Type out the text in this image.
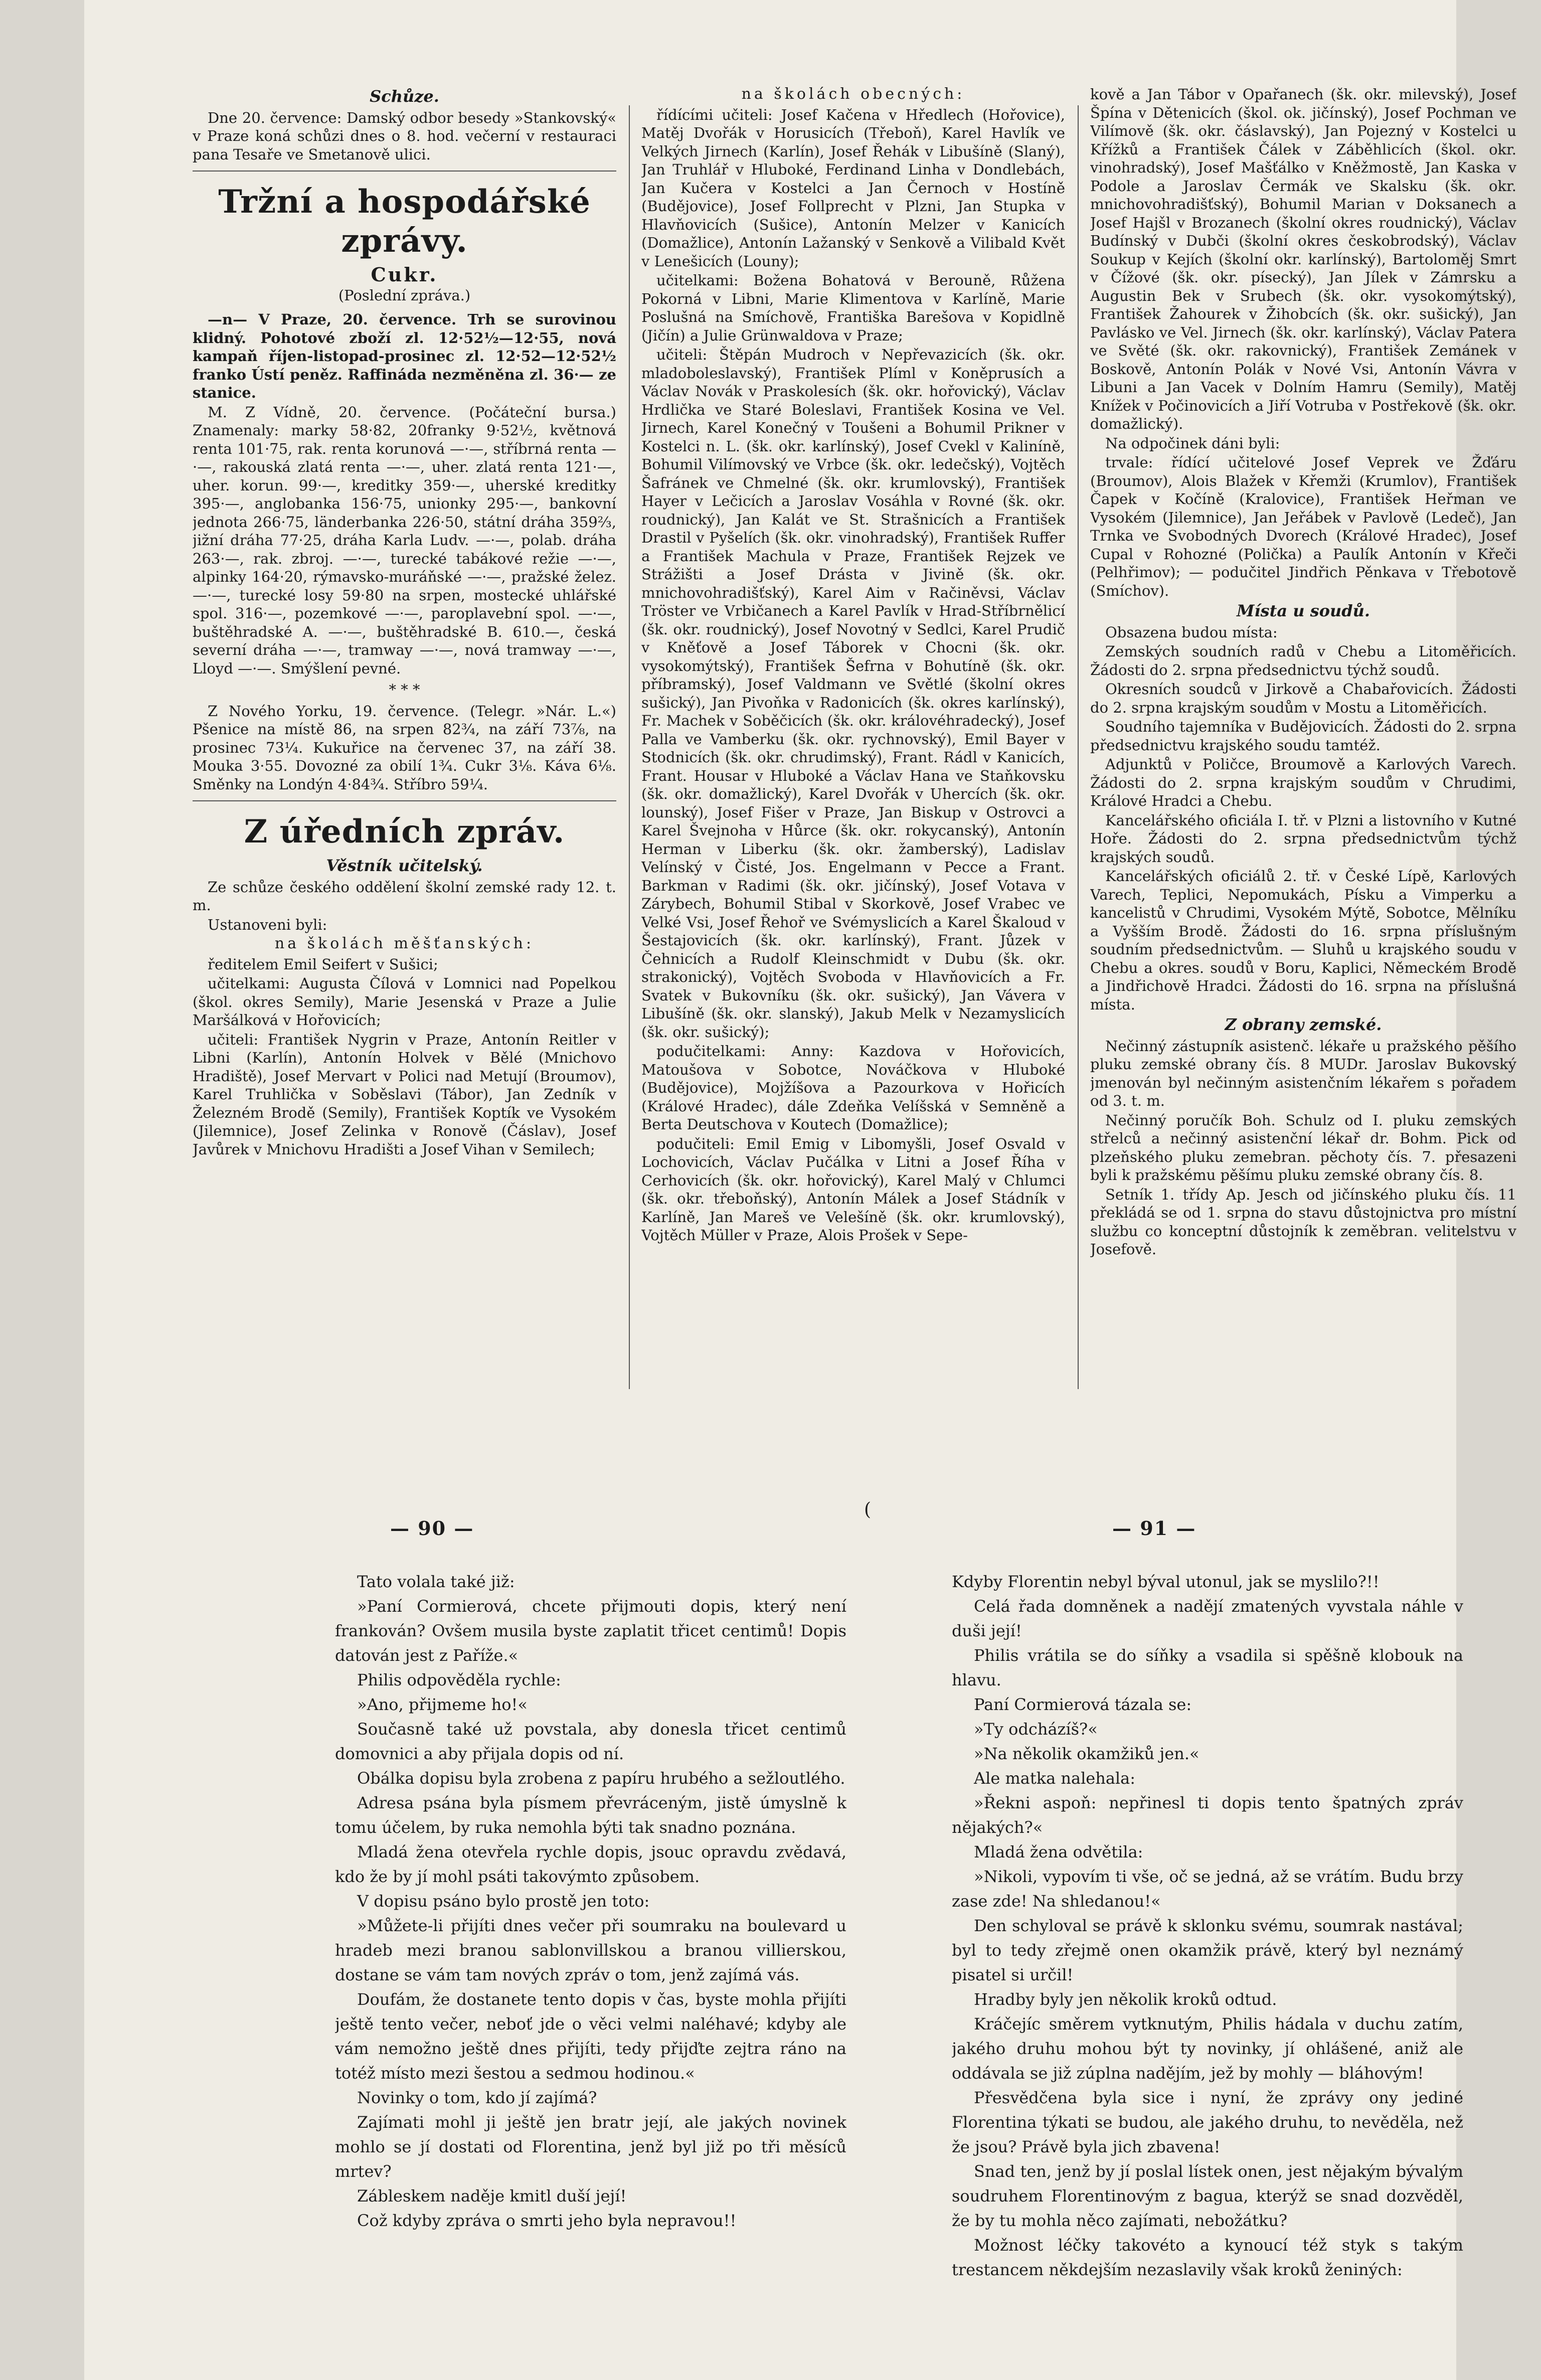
Schůze.

Dne 20. července: Damský odbor besedy »Stankovský« v Praze koná schůzi dnes o 8. hod. večerní v restauraci pana Tesaře ve Smetanově ulici.

Tržní a hospodářské zprávy.
Cukr.
(Poslední zpráva.)

—n— V Praze, 20. července. Trh se surovinou klidný. Pohotové zboží zl. 12·52½—12·55, nová kampaň říjen-listopad-prosinec zl. 12·52—12·52½ franko Ústí peněz. Raffináda nezměněna zl. 36·— ze stanice.

M. Z Vídně, 20. července. (Počáteční bursa.) Znamenaly: marky 58·82, 20franky 9·52½, květnová renta 101·75, rak. renta korunová —·—, stříbrná renta —·—, rakouská zlatá renta —·—, uher. zlatá renta 121·—, uher. korun. 99·—, kreditky 359·—, uherské kreditky 395·—, anglobanka 156·75, unionky 295·—, bankovní jednota 266·75, länderbanka 226·50, státní dráha 359⅔, jižní dráha 77·25, dráha Karla Ludv. —·—, polab. dráha 263·—, rak. zbroj. —·—, turecké tabákové režie —·—, alpinky 164·20, rýmavsko-muráňské —·—, pražské želez. —·—, turecké losy 59·80 na srpen, mostecké uhlářské spol. 316·—, pozemkové —·—, paroplavební spol. —·—, buštěhradské A. —·—, buštěhradské B. 610.—, česká severní dráha —·—, tramway —·—, nová tramway —·—, Lloyd —·—. Smýšlení pevné.

* * *

Z Nového Yorku, 19. července. (Telegr. »Nár. L.«) Pšenice na místě 86, na srpen 82¾, na září 73⅞, na prosinec 73¼. Kukuřice na červenec 37, na září 38. Mouka 3·55. Dovozné za obilí 1¾. Cukr 3⅛. Káva 6⅛. Směnky na Londýn 4·84¾. Stříbro 59¼.

Z úředních zpráv.
Věstník učitelský.

Ze schůze českého oddělení školní zemské rady 12. t. m.

Ustanoveni byli:

na školách měšťanských:

ředitelem Emil Seifert v Sušici;

učitelkami: Augusta Čílová v Lomnici nad Popelkou (škol. okres Semily), Marie Jesenská v Praze a Julie Maršálková v Hořovicích;

učiteli: František Nygrin v Praze, Antonín Reitler v Libni (Karlín), Antonín Holvek v Bělé (Mnichovo Hradiště), Josef Mervart v Polici nad Metují (Broumov), Karel Truhlička v Soběslavi (Tábor), Jan Zedník v Železném Brodě (Semily), František Koptík ve Vysokém (Jilemnice), Josef Zelinka v Ronově (Čáslav), Josef Javůrek v Mnichovu Hradišti a Josef Vihan v Semilech;

na školách obecných:

řídícími učiteli: Josef Kačena v Hředlech (Hořovice), Matěj Dvořák v Horusicích (Třeboň), Karel Havlík ve Velkých Jirnech (Karlín), Josef Řehák v Libušíně (Slaný), Jan Truhlář v Hluboké, Ferdinand Linha v Dondlebách, Jan Kučera v Kostelci a Jan Černoch v Hostíně (Budějovice), Josef Follprecht v Plzni, Jan Stupka v Hlavňovicích (Sušice), Antonín Melzer v Kanicích (Domažlice), Antonín Lažanský v Senkově a Vilibald Květ v Lenešicích (Louny);

učitelkami: Božena Bohatová v Berouně, Růžena Pokorná v Libni, Marie Klimentova v Karlíně, Marie Poslušná na Smíchově, Františka Barešova v Kopidlně (Jičín) a Julie Grünwaldova v Praze;

učiteli: Štěpán Mudroch v Nepřevazicích (šk. okr. mladoboleslavský), František Plíml v Koněprusích a Václav Novák v Praskolesích (šk. okr. hořovický), Václav Hrdlička ve Staré Boleslavi, František Kosina ve Vel. Jirnech, Karel Konečný v Toušeni a Bohumil Prikner v Kostelci n. L. (šk. okr. karlínský), Josef Cvekl v Kaliníně, Bohumil Vilímovský ve Vrbce (šk. okr. ledečský), Vojtěch Šafránek ve Chmelné (šk. okr. krumlovský), František Hayer v Lečicích a Jaroslav Vosáhla v Rovné (šk. okr. roudnický), Jan Kalát ve St. Strašnicích a František Drastil v Pyšelích (šk. okr. vinohradský), František Ruffer a František Machula v Praze, František Rejzek ve Strážišti a Josef Drásta v Jivině (šk. okr. mnichovohradišťský), Karel Aim v Račiněvsi, Václav Tröster ve Vrbičanech a Karel Pavlík v Hrad-Stříbrnělicí (šk. okr. roudnický), Josef Novotný v Sedlci, Karel Prudič v Kněťově a Josef Táborek v Chocni (šk. okr. vysokomýtský), František Šefrna v Bohutíně (šk. okr. příbramský), Josef Valdmann ve Světlé (školní okres sušický), Jan Pivoňka v Radonicích (šk. okres karlínský), Fr. Machek v Soběčicích (šk. okr. královéhradecký), Josef Palla ve Vamberku (šk. okr. rychnovský), Emil Bayer v Stodnicích (šk. okr. chrudimský), Frant. Rádl v Kanicích, Frant. Housar v Hluboké a Václav Hana ve Staňkovsku (šk. okr. domažlický), Karel Dvořák v Uhercích (šk. okr. lounský), Josef Fišer v Praze, Jan Biskup v Ostrovci a Karel Švejnoha v Hůrce (šk. okr. rokycanský), Antonín Herman v Liberku (šk. okr. žamberský), Ladislav Velínský v Čisté, Jos. Engelmann v Pecce a Frant. Barkman v Radimi (šk. okr. jičínský), Josef Votava v Zárybech, Bohumil Stibal v Skorkově, Josef Vrabec ve Velké Vsi, Josef Řehoř ve Svémyslicích a Karel Škaloud v Šestajovicích (šk. okr. karlínský), Frant. Jůzek v Čehnicích a Rudolf Kleinschmidt v Dubu (šk. okr. strakonický), Vojtěch Svoboda v Hlavňovicích a Fr. Svatek v Bukovníku (šk. okr. sušický), Jan Vávera v Libušíně (šk. okr. slanský), Jakub Melk v Nezamyslicích (šk. okr. sušický);

podučitelkami: Anny: Kazdova v Hořovicích, Matoušova v Sobotce, Nováčkova v Hluboké (Budějovice), Mojžíšova a Pazourkova v Hořicích (Králové Hradec), dále Zdeňka Velíšská v Semněně a Berta Deutschova v Koutech (Domažlice);

podučiteli: Emil Emig v Libomyšli, Josef Osvald v Lochovicích, Václav Pučálka v Litni a Josef Říha v Cerhovicích (šk. okr. hořovický), Karel Malý v Chlumci (šk. okr. třeboňský), Antonín Málek a Josef Stádník v Karlíně, Jan Mareš ve Velešíně (šk. okr. krumlovský), Vojtěch Müller v Praze, Alois Prošek v Sepe-

kově a Jan Tábor v Opařanech (šk. okr. milevský), Josef Špína v Dětenicích (škol. ok. jičínský), Josef Pochman ve Vilímově (šk. okr. čáslavský), Jan Pojezný v Kostelci u Křížků a František Čálek v Záběhlicích (škol. okr. vinohradský), Josef Mašťálko v Kněžmostě, Jan Kaska v Podole a Jaroslav Čermák ve Skalsku (šk. okr. mnichovohradišťský), Bohumil Marian v Doksanech a Josef Hajšl v Brozanech (školní okres roudnický), Václav Budínský v Dubči (školní okres českobrodský), Václav Soukup v Kejích (školní okr. karlínský), Bartoloměj Smrt v Čížové (šk. okr. písecký), Jan Jílek v Zámrsku a Augustin Bek v Srubech (šk. okr. vysokomýtský), František Žahourek v Žihobcích (šk. okr. sušický), Jan Pavlásko ve Vel. Jirnech (šk. okr. karlínský), Václav Patera ve Světé (šk. okr. rakovnický), František Zemánek v Boskově, Antonín Polák v Nové Vsi, Antonín Vávra v Libuni a Jan Vacek v Dolním Hamru (Semily), Matěj Knížek v Počinovicích a Jiří Votruba v Postřekově (šk. okr. domažlický).

Na odpočinek dáni byli:

trvale: řídící učitelové Josef Veprek ve Žďáru (Broumov), Alois Blažek v Křemži (Krumlov), František Čapek v Kočíně (Kralovice), František Heřman ve Vysokém (Jilemnice), Jan Jeřábek v Pavlově (Ledeč), Jan Trnka ve Svobodných Dvorech (Králové Hradec), Josef Cupal v Rohozné (Polička) a Paulík Antonín v Křeči (Pelhřimov); — podučitel Jindřich Pěnkava v Třebotově (Smíchov).

Místa u soudů.

Obsazena budou místa:

Zemských soudních radů v Chebu a Litoměřicích. Žádosti do 2. srpna předsednictvu týchž soudů.

Okresních soudců v Jirkově a Chabařovicích. Žádosti do 2. srpna krajským soudům v Mostu a Litoměřicích.

Soudního tajemníka v Budějovicích. Žádosti do 2. srpna předsednictvu krajského soudu tamtéž.

Adjunktů v Poličce, Broumově a Karlových Varech. Žádosti do 2. srpna krajským soudům v Chrudimi, Králové Hradci a Chebu.

Kancelářského oficiála I. tř. v Plzni a listovního v Kutné Hoře. Žádosti do 2. srpna předsednictvům týchž krajských soudů.

Kancelářských oficiálů 2. tř. v České Lípě, Karlových Varech, Teplici, Nepomukách, Písku a Vimperku a kancelistů v Chrudimi, Vysokém Mýtě, Sobotce, Mělníku a Vyšším Brodě. Žádosti do 16. srpna příslušným soudním předsednictvům. — Sluhů u krajského soudu v Chebu a okres. soudů v Boru, Kaplici, Německém Brodě a Jindřichově Hradci. Žádosti do 16. srpna na příslušná místa.

Z obrany zemské.

Nečinný zástupník asistenč. lékaře u pražského pěšího pluku zemské obrany čís. 8 MUDr. Jaroslav Bukovský jmenován byl nečinným asistenčním lékařem s pořadem od 3. t. m.

Nečinný poručík Boh. Schulz od I. pluku zemských střelců a nečinný asistenční lékař dr. Bohm. Pick od plzeňského pluku zemebran. pěchoty čís. 7. přesazeni byli k pražskému pěšímu pluku zemské obrany čís. 8.

Setník 1. třídy Ap. Jesch od jičínského pluku čís. 11 překládá se od 1. srpna do stavu důstojnictva pro místní službu co konceptní důstojník k zeměbran. velitelstvu v Josefově.

— 90 —
(
— 91 —

Tato volala také již:

»Paní Cormierová, chcete přijmouti dopis, který není frankován? Ovšem musila byste zaplatit třicet centimů! Dopis datován jest z Paříže.«

Philis odpověděla rychle:

»Ano, přijmeme ho!«

Současně také už povstala, aby donesla třicet centimů domovnici a aby přijala dopis od ní.

Obálka dopisu byla zrobena z papíru hrubého a sežloutlého.

Adresa psána byla písmem převráceným, jistě úmyslně k tomu účelem, by ruka nemohla býti tak snadno poznána.

Mladá žena otevřela rychle dopis, jsouc opravdu zvědavá, kdo že by jí mohl psáti takovýmto způsobem.

V dopisu psáno bylo prostě jen toto:

»Můžete-li přijíti dnes večer při soumraku na boulevard u hradeb mezi branou sablonvillskou a branou villierskou, dostane se vám tam nových zpráv o tom, jenž zajímá vás.

Doufám, že dostanete tento dopis v čas, byste mohla přijíti ještě tento večer, neboť jde o věci velmi naléhavé; kdyby ale vám nemožno ještě dnes přijíti, tedy přijďte zejtra ráno na totéž místo mezi šestou a sedmou hodinou.«

Novinky o tom, kdo jí zajímá?

Zajímati mohl ji ještě jen bratr její, ale jakých novinek mohlo se jí dostati od Florentina, jenž byl již po tři měsíců mrtev?

Zábleskem naděje kmitl duší její!

Což kdyby zpráva o smrti jeho byla nepravou!!

Kdyby Florentin nebyl býval utonul, jak se myslilo?!!

Celá řada domněnek a nadějí zmatených vyvstala náhle v duši její!

Philis vrátila se do síňky a vsadila si spěšně klobouk na hlavu.

Paní Cormierová tázala se:

»Ty odcházíš?«

»Na několik okamžiků jen.«

Ale matka nalehala:

»Řekni aspoň: nepřinesl ti dopis tento špatných zpráv nějakých?«

Mladá žena odvětila:

»Nikoli, vypovím ti vše, oč se jedná, až se vrátím. Budu brzy zase zde! Na shledanou!«

Den schyloval se právě k sklonku svému, soumrak nastával; byl to tedy zřejmě onen okamžik právě, který byl neznámý pisatel si určil!

Hradby byly jen několik kroků odtud.

Kráčejíc směrem vytknutým, Philis hádala v duchu zatím, jakého druhu mohou být ty novinky, jí ohlášené, aniž ale oddávala se již zúplna nadějím, jež by mohly — bláhovým!

Přesvědčena byla sice i nyní, že zprávy ony jediné Florentina týkati se budou, ale jakého druhu, to nevěděla, než že jsou? Právě byla jich zbavena!

Snad ten, jenž by jí poslal lístek onen, jest nějakým bývalým soudruhem Florentinovým z bagua, kterýž se snad dozvěděl, že by tu mohla něco zajímati, nebožátku?

Možnost léčky takovéto a kynoucí též styk s takým trestancem někdejším nezaslavily však kroků ženiných:
